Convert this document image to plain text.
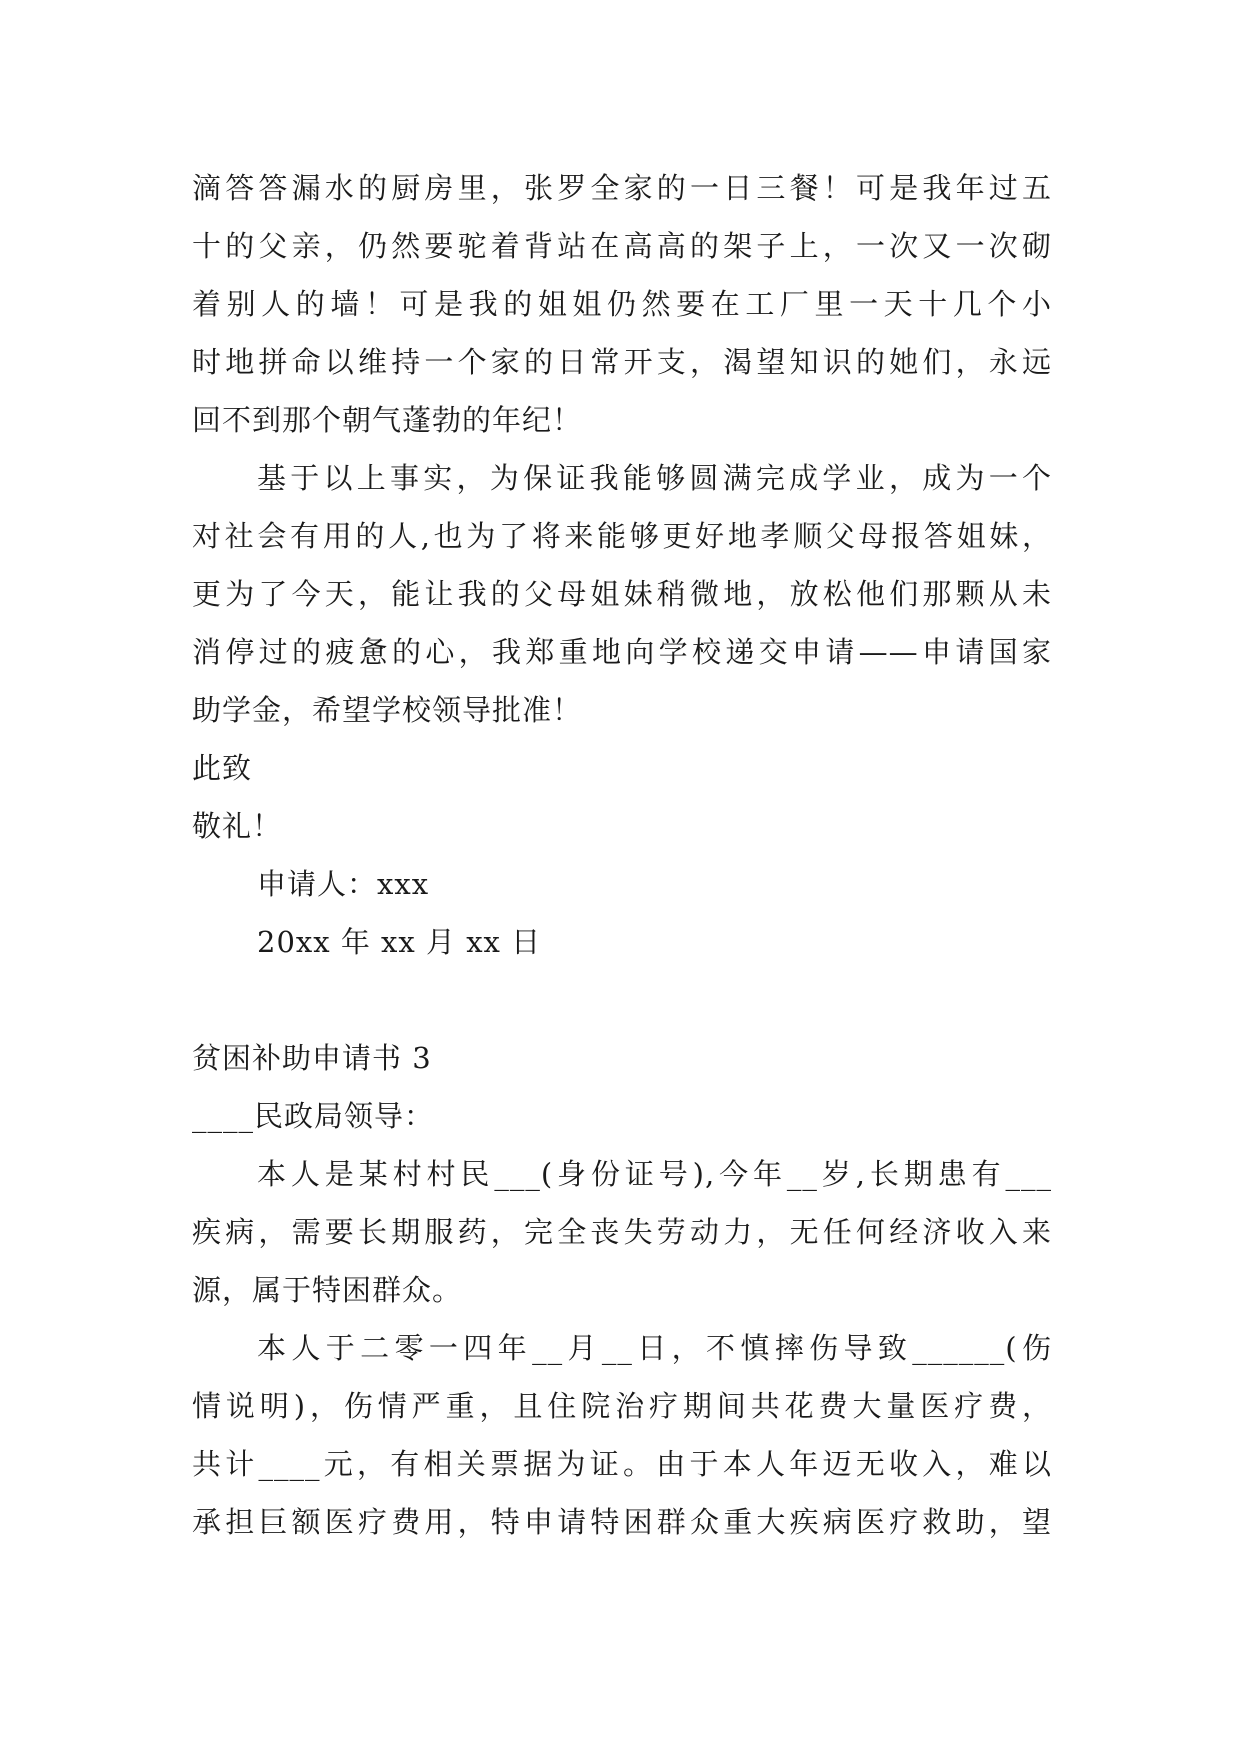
滴答答漏水的厨房里，张罗全家的一日三餐！可是我年过五
十的父亲，仍然要驼着背站在高高的架子上，一次又一次砌
着别人的墙！可是我的姐姐仍然要在工厂里一天十几个小
时地拼命以维持一个家的日常开支，渴望知识的她们，永远
回不到那个朝气蓬勃的年纪！
基于以上事实，为保证我能够圆满完成学业，成为一个
对社会有用的人,也为了将来能够更好地孝顺父母报答姐妹，
更为了今天，能让我的父母姐妹稍微地，放松他们那颗从未
消停过的疲惫的心，我郑重地向学校递交申请——申请国家
助学金，希望学校领导批准！
此致
敬礼！
申请人：xxx
20xx 年 xx 月 xx 日
贫困补助申请书 3
____民政局领导：
本人是某村村民___(身份证号),今年__岁,长期患有___
疾病，需要长期服药，完全丧失劳动力，无任何经济收入来
源，属于特困群众。
本人于二零一四年__月__日，不慎摔伤导致______(伤
情说明)，伤情严重，且住院治疗期间共花费大量医疗费，
共计____元，有相关票据为证。由于本人年迈无收入，难以
承担巨额医疗费用，特申请特困群众重大疾病医疗救助，望
